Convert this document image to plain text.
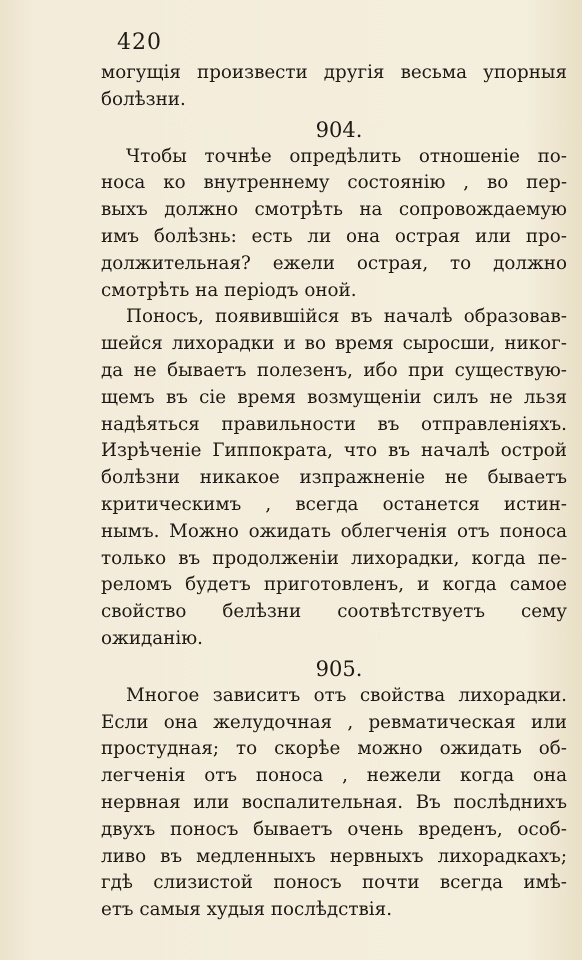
420
могущія произвести другія весьма упорныя
болѣзни.
904.
Чтобы точнѣе опредѣлить отношеніе по-
носа ко внутреннему состоянію , во пер-
выхъ должно смотрѣть на сопровождаемую
имъ болѣзнь: есть ли она острая или про-
должительная? ежели острая, то должно
смотрѣть на періодъ оной.
Поносъ, появившійся въ началѣ образовав-
шейся лихорадки и во время сыросши, никог-
да не бываетъ полезенъ, ибо при существую-
щемъ въ сіе время возмущеніи силъ не льзя
надѣяться правильности въ отправленіяхъ.
Изрѣченіе Гиппократа, что въ началѣ острой
болѣзни никакое изпражненіе не бываетъ
критическимъ , всегда останется истин-
нымъ. Можно ожидать облегченія отъ поноса
только въ продолженіи лихорадки, когда пе-
реломъ будетъ приготовленъ, и когда самое
свойство белѣзни соотвѣтствуетъ сему
ожиданію.
905.
Многое зависитъ отъ свойства лихорадки.
Если она желудочная , ревматическая или
простудная; то скорѣе можно ожидать об-
легченія отъ поноса , нежели когда она
нервная или воспалительная. Въ послѣднихъ
двухъ поносъ бываетъ очень вреденъ, особ-
ливо въ медленныхъ нервныхъ лихорадкахъ;
гдѣ слизистой поносъ почти всегда имѣ-
етъ самыя худыя послѣдствія.
